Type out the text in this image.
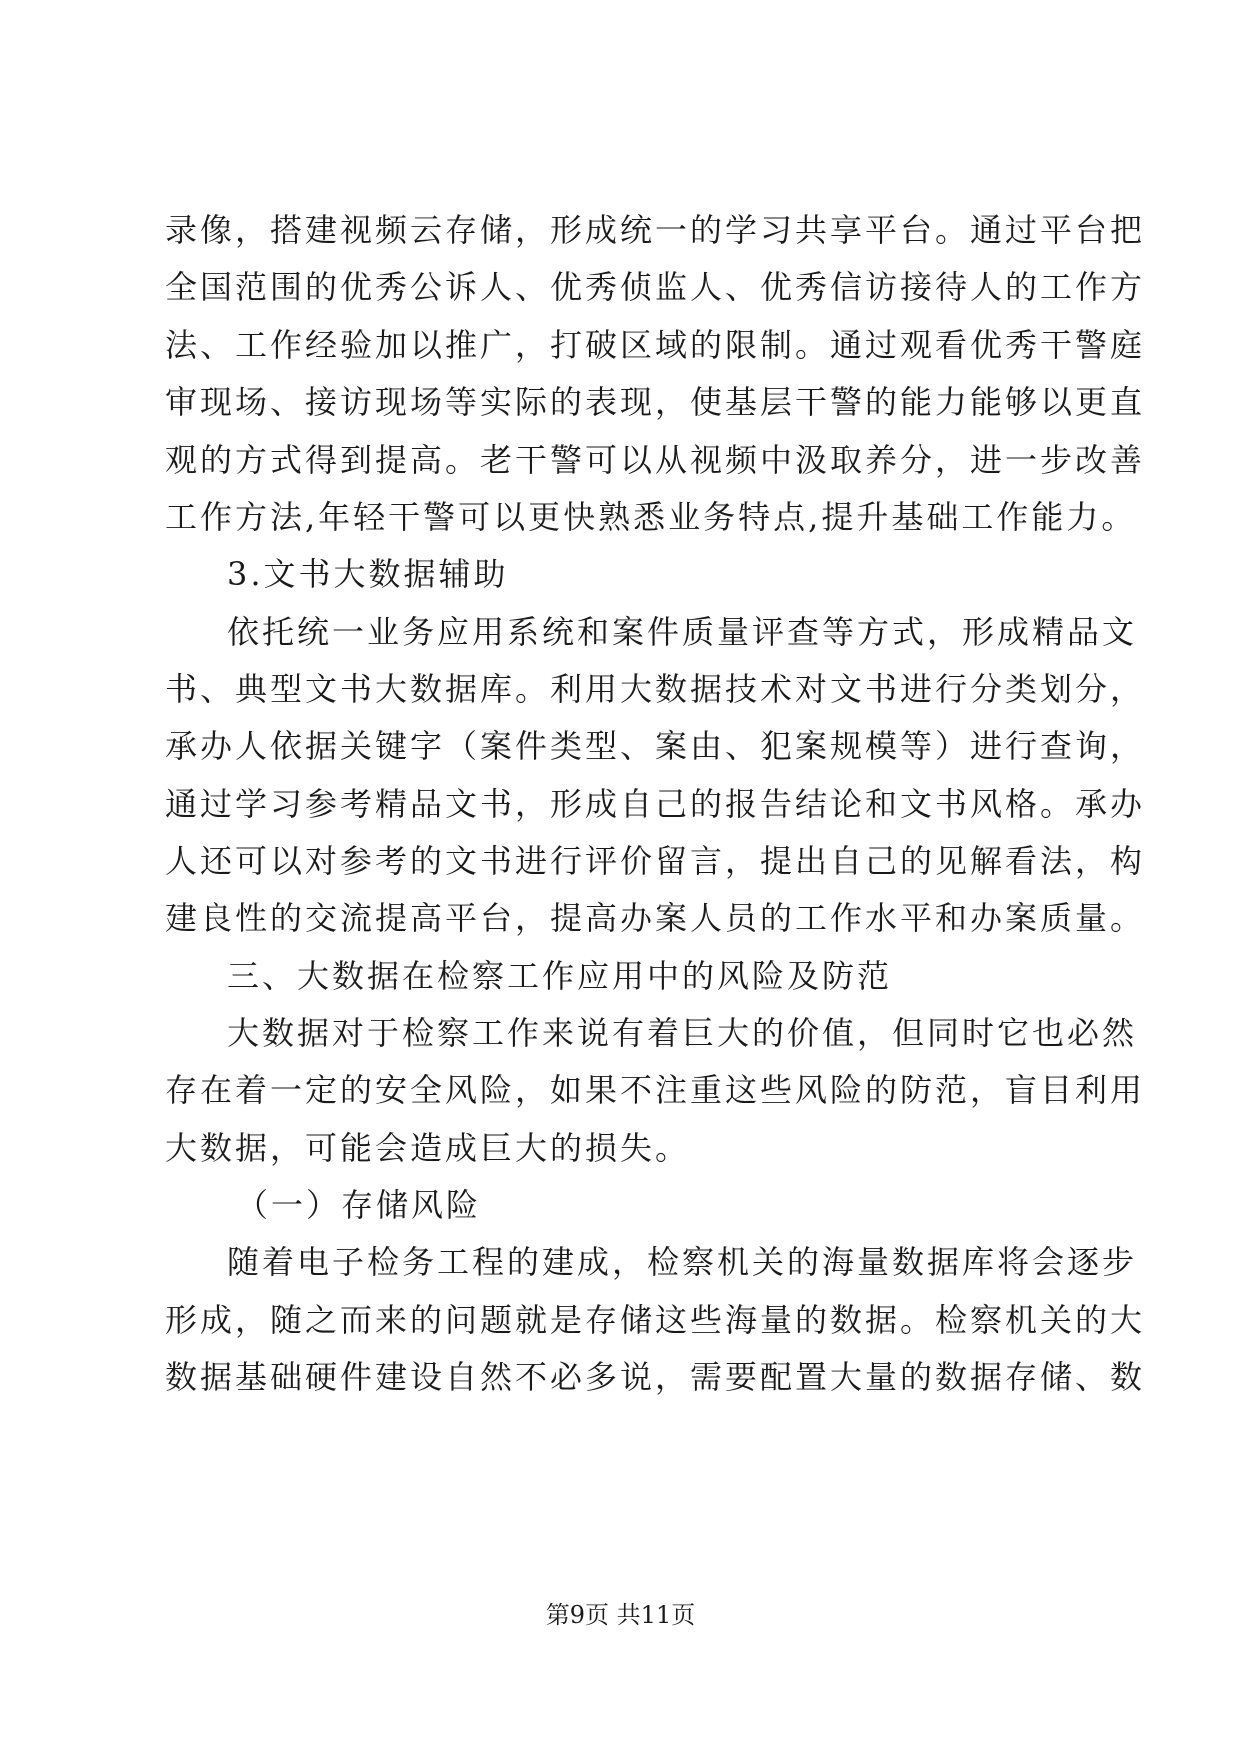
录像，搭建视频云存储，形成统一的学习共享平台。通过平台把
全国范围的优秀公诉人、优秀侦监人、优秀信访接待人的工作方
法、工作经验加以推广，打破区域的限制。通过观看优秀干警庭
审现场、接访现场等实际的表现，使基层干警的能力能够以更直
观的方式得到提高。老干警可以从视频中汲取养分，进一步改善
工作方法,年轻干警可以更快熟悉业务特点,提升基础工作能力。
3.文书大数据辅助
依托统一业务应用系统和案件质量评查等方式，形成精品文
书、典型文书大数据库。利用大数据技术对文书进行分类划分，
承办人依据关键字（案件类型、案由、犯案规模等）进行查询，
通过学习参考精品文书，形成自己的报告结论和文书风格。承办
人还可以对参考的文书进行评价留言，提出自己的见解看法，构
建良性的交流提高平台，提高办案人员的工作水平和办案质量。
三、大数据在检察工作应用中的风险及防范
大数据对于检察工作来说有着巨大的价值，但同时它也必然
存在着一定的安全风险，如果不注重这些风险的防范，盲目利用
大数据，可能会造成巨大的损失。
（一）存储风险
随着电子检务工程的建成，检察机关的海量数据库将会逐步
形成，随之而来的问题就是存储这些海量的数据。检察机关的大
数据基础硬件建设自然不必多说，需要配置大量的数据存储、数
第9页 共11页
